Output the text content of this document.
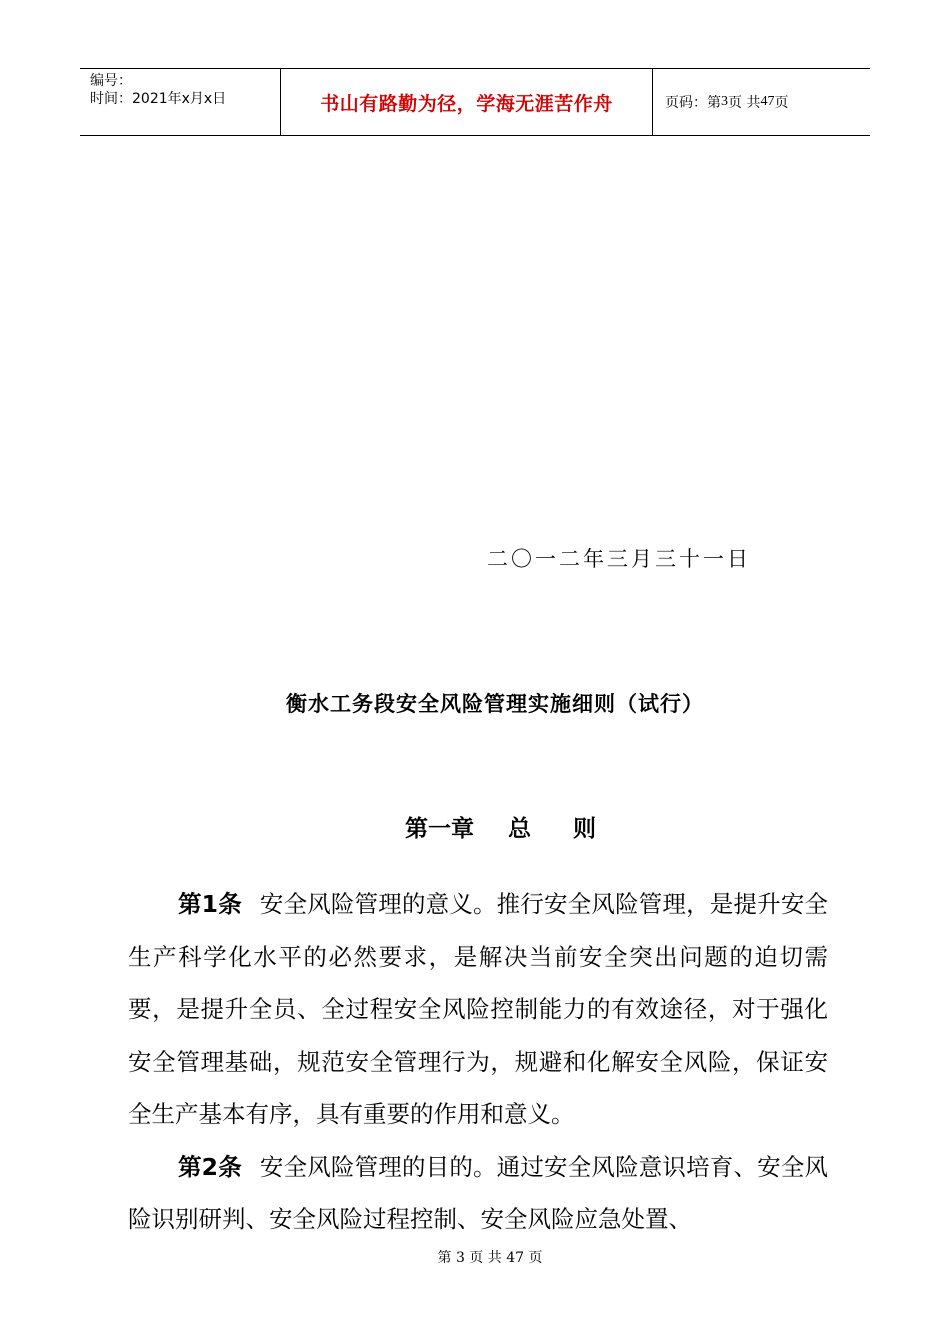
编号：
时间：2021年x月x日	书山有路勤为径，学海无涯苦作舟	页码：第 3 页 共 47 页
二〇一二年三月三十一日
衡水工务段安全风险管理实施细则（试行）
第一章 总 则

第1条 安全风险管理的意义。推行安全风险管理，是提升安全生产科学化水平的必然要求，是解决当前安全突出问题的迫切需要，是提升全员、全过程安全风险控制能力的有效途径，对于强化安全管理基础，规范安全管理行为，规避和化解安全风险，保证安全生产基本有序，具有重要的作用和意义。

第2条 安全风险管理的目的。通过安全风险意识培育、安全风险识别研判、安全风险过程控制、安全风险应急处置、

第 3 页 共 47 页
